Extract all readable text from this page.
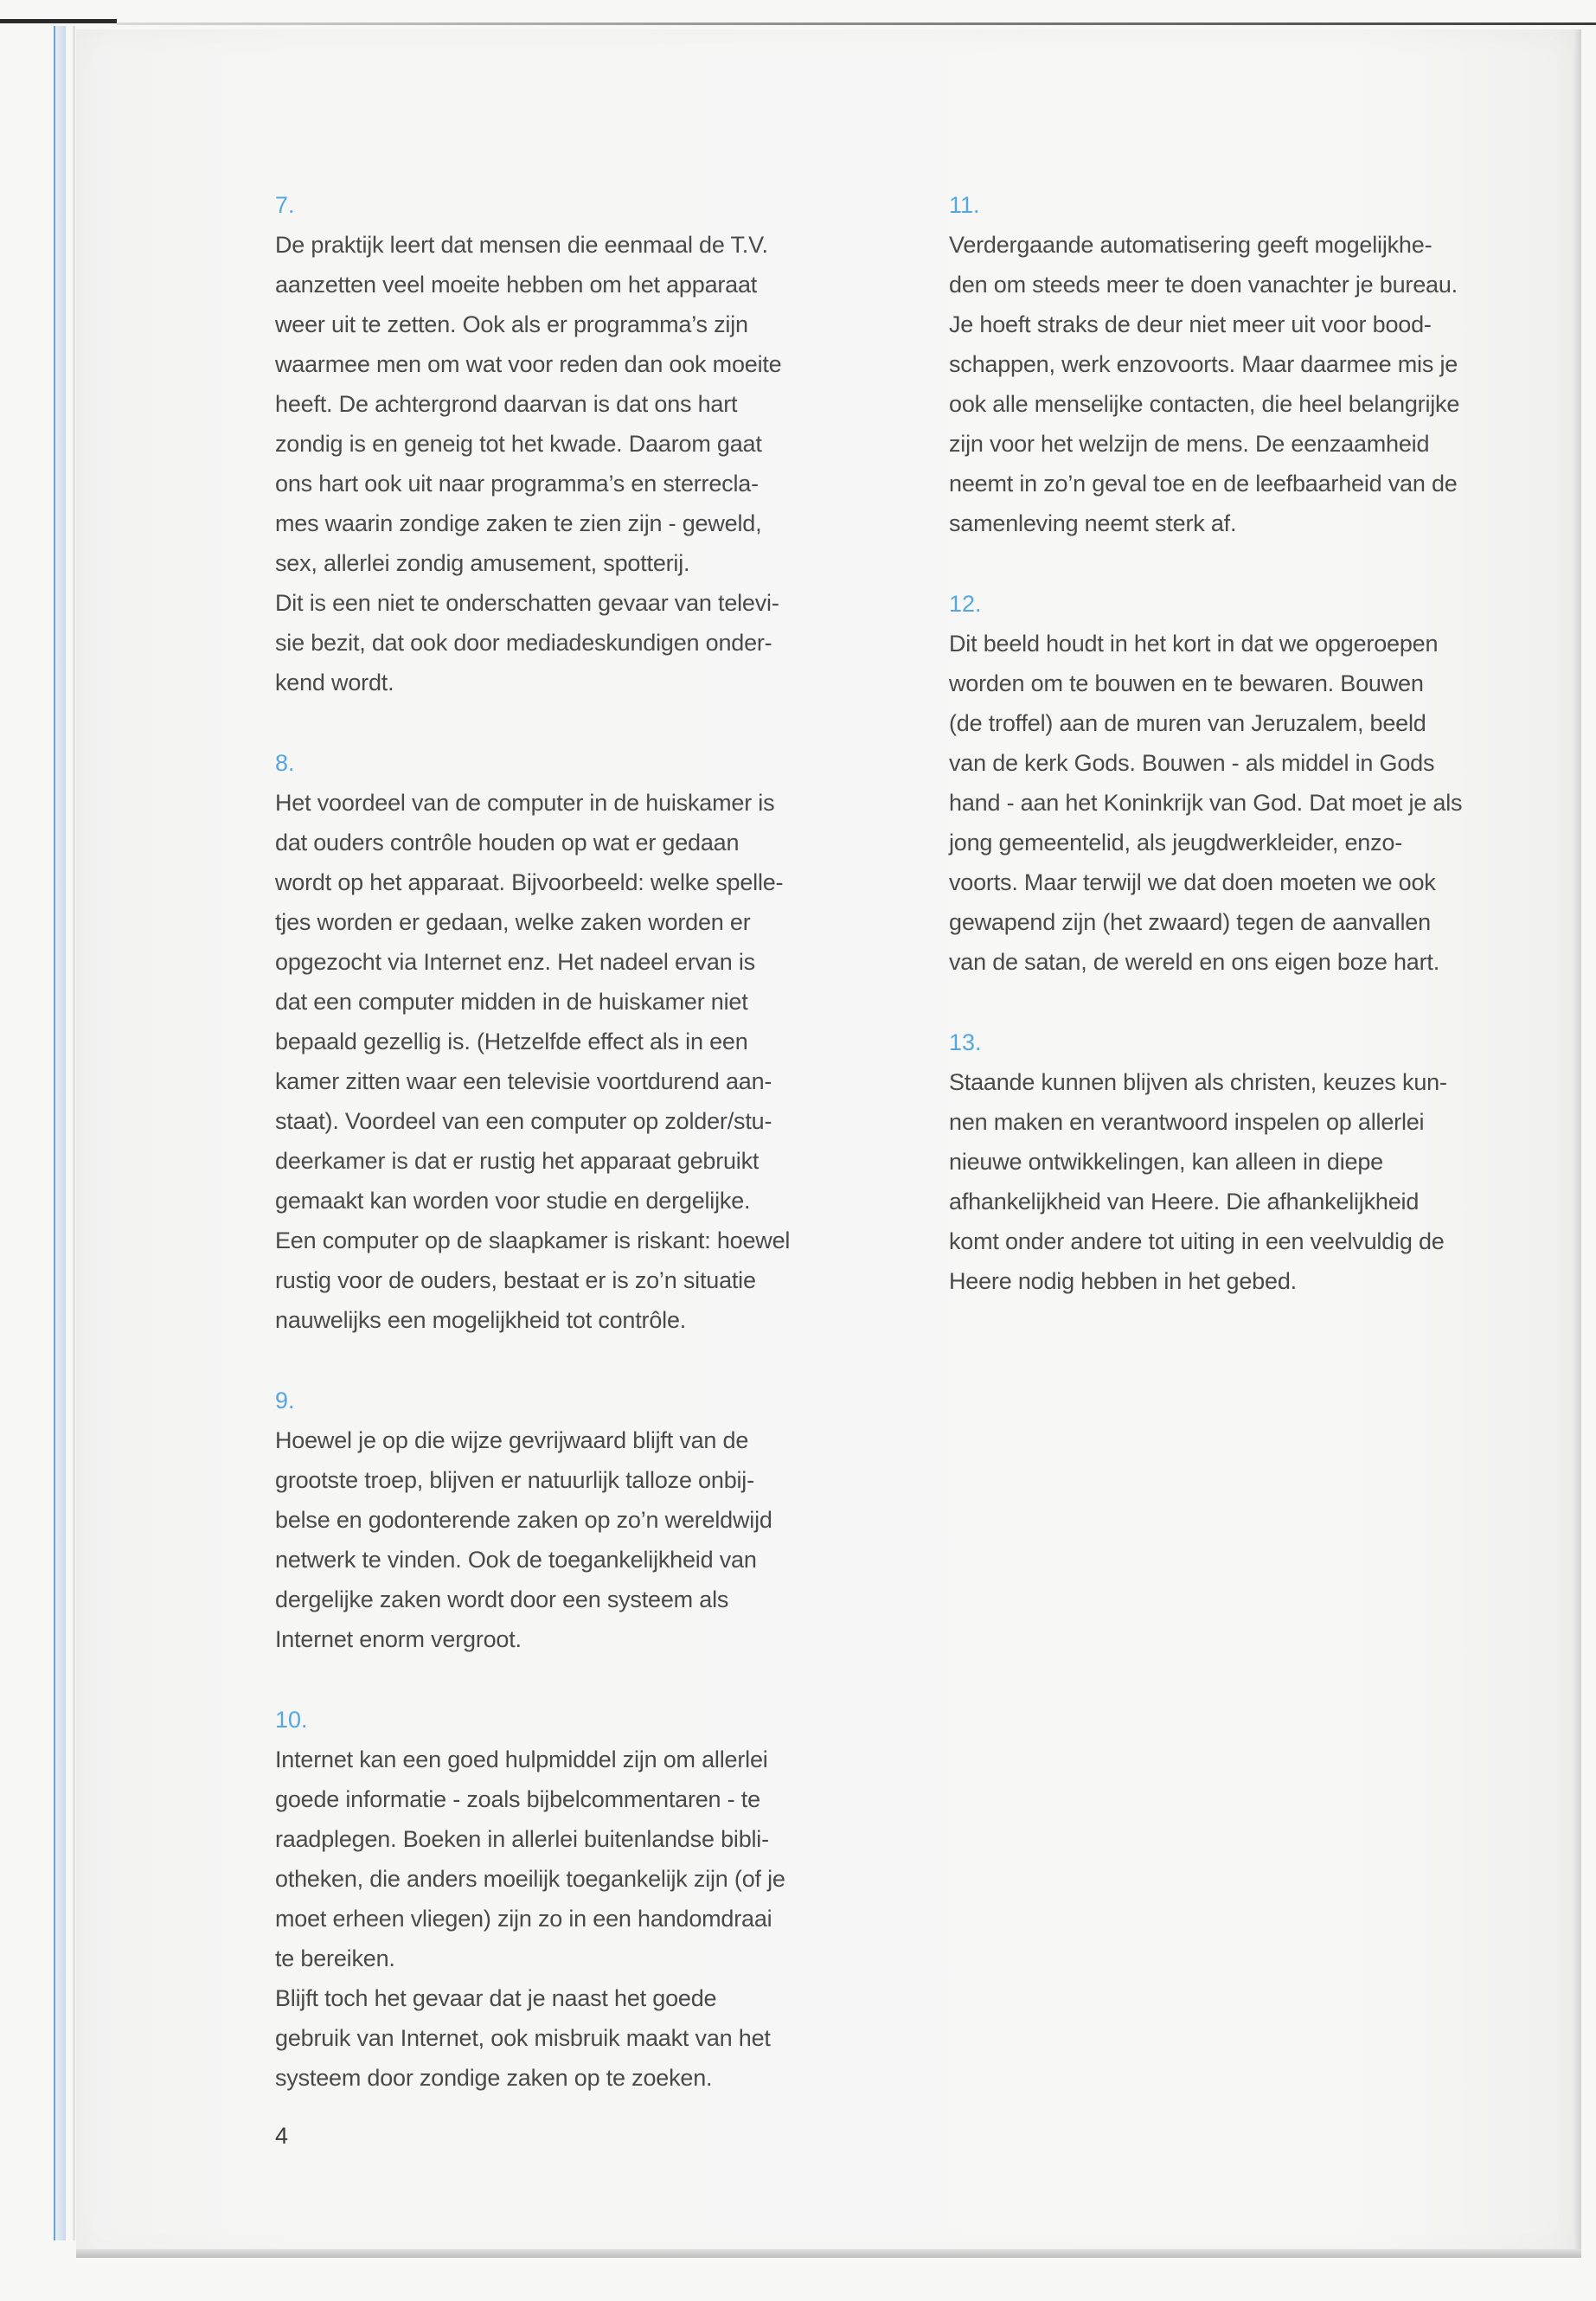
7.
De praktijk leert dat mensen die eenmaal de T.V.
aanzetten veel moeite hebben om het apparaat
weer uit te zetten. Ook als er programma’s zijn
waarmee men om wat voor reden dan ook moeite
heeft. De achtergrond daarvan is dat ons hart
zondig is en geneig tot het kwade. Daarom gaat
ons hart ook uit naar programma’s en sterrecla-
mes waarin zondige zaken te zien zijn - geweld,
sex, allerlei zondig amusement, spotterij.
Dit is een niet te onderschatten gevaar van televi-
sie bezit, dat ook door mediadeskundigen onder-
kend wordt.
8.
Het voordeel van de computer in de huiskamer is
dat ouders contrôle houden op wat er gedaan
wordt op het apparaat. Bijvoorbeeld: welke spelle-
tjes worden er gedaan, welke zaken worden er
opgezocht via Internet enz. Het nadeel ervan is
dat een computer midden in de huiskamer niet
bepaald gezellig is. (Hetzelfde effect als in een
kamer zitten waar een televisie voortdurend aan-
staat). Voordeel van een computer op zolder/stu-
deerkamer is dat er rustig het apparaat gebruikt
gemaakt kan worden voor studie en dergelijke.
Een computer op de slaapkamer is riskant: hoewel
rustig voor de ouders, bestaat er is zo’n situatie
nauwelijks een mogelijkheid tot contrôle.
9.
Hoewel je op die wijze gevrijwaard blijft van de
grootste troep, blijven er natuurlijk talloze onbij-
belse en godonterende zaken op zo’n wereldwijd
netwerk te vinden. Ook de toegankelijkheid van
dergelijke zaken wordt door een systeem als
Internet enorm vergroot.
10.
Internet kan een goed hulpmiddel zijn om allerlei
goede informatie - zoals bijbelcommentaren - te
raadplegen. Boeken in allerlei buitenlandse bibli-
otheken, die anders moeilijk toegankelijk zijn (of je
moet erheen vliegen) zijn zo in een handomdraai
te bereiken.
Blijft toch het gevaar dat je naast het goede
gebruik van Internet, ook misbruik maakt van het
systeem door zondige zaken op te zoeken.
11.
Verdergaande automatisering geeft mogelijkhe-
den om steeds meer te doen vanachter je bureau.
Je hoeft straks de deur niet meer uit voor bood-
schappen, werk enzovoorts. Maar daarmee mis je
ook alle menselijke contacten, die heel belangrijke
zijn voor het welzijn de mens. De eenzaamheid
neemt in zo’n geval toe en de leefbaarheid van de
samenleving neemt sterk af.
12.
Dit beeld houdt in het kort in dat we opgeroepen
worden om te bouwen en te bewaren. Bouwen
(de troffel) aan de muren van Jeruzalem, beeld
van de kerk Gods. Bouwen - als middel in Gods
hand - aan het Koninkrijk van God. Dat moet je als
jong gemeentelid, als jeugdwerkleider, enzo-
voorts. Maar terwijl we dat doen moeten we ook
gewapend zijn (het zwaard) tegen de aanvallen
van de satan, de wereld en ons eigen boze hart.
13.
Staande kunnen blijven als christen, keuzes kun-
nen maken en verantwoord inspelen op allerlei
nieuwe ontwikkelingen, kan alleen in diepe
afhankelijkheid van Heere. Die afhankelijkheid
komt onder andere tot uiting in een veelvuldig de
Heere nodig hebben in het gebed.
4
